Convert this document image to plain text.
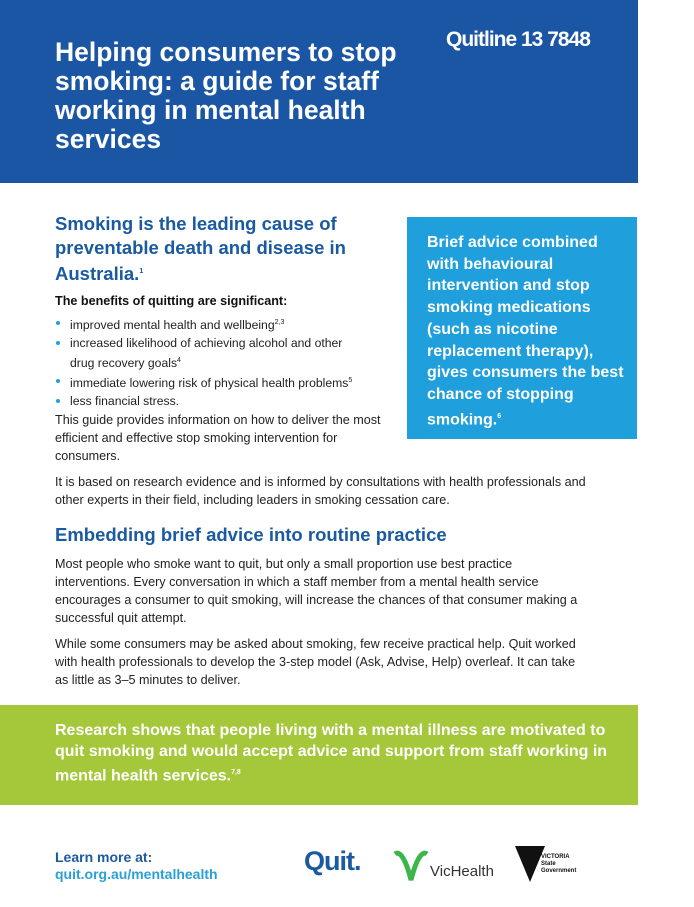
Helping consumers to stop smoking: a guide for staff working in mental health services
Quitline 13 7848
Smoking is the leading cause of preventable death and disease in Australia.$^1$

Brief advice combined with behavioural intervention and stop smoking medications (such as nicotine replacement therapy), gives consumers the best chance of stopping smoking.$^6$

The benefits of quitting are significant:

improved mental health and wellbeing$^{2,3}$
increased likelihood of achieving alcohol and other drug recovery goals$^4$
immediate lowering risk of physical health problems$^5$
less financial stress.

This guide provides information on how to deliver the most efficient and effective stop smoking intervention for consumers.

It is based on research evidence and is informed by consultations with health professionals and other experts in their field, including leaders in smoking cessation care.

Embedding brief advice into routine practice

Most people who smoke want to quit, but only a small proportion use best practice interventions. Every conversation in which a staff member from a mental health service encourages a consumer to quit smoking, will increase the chances of that consumer making a successful quit attempt.

While some consumers may be asked about smoking, few receive practical help. Quit worked with health professionals to develop the 3-step model (Ask, Advise, Help) overleaf. It can take as little as 3–5 minutes to deliver.

Research shows that people living with a mental illness are motivated to quit smoking and would accept advice and support from staff working in mental health services.$^{7,8}$

Learn more at:
quit.org.au/mentalhealth	Quit.	VicHealth
VICTORIA State Government
